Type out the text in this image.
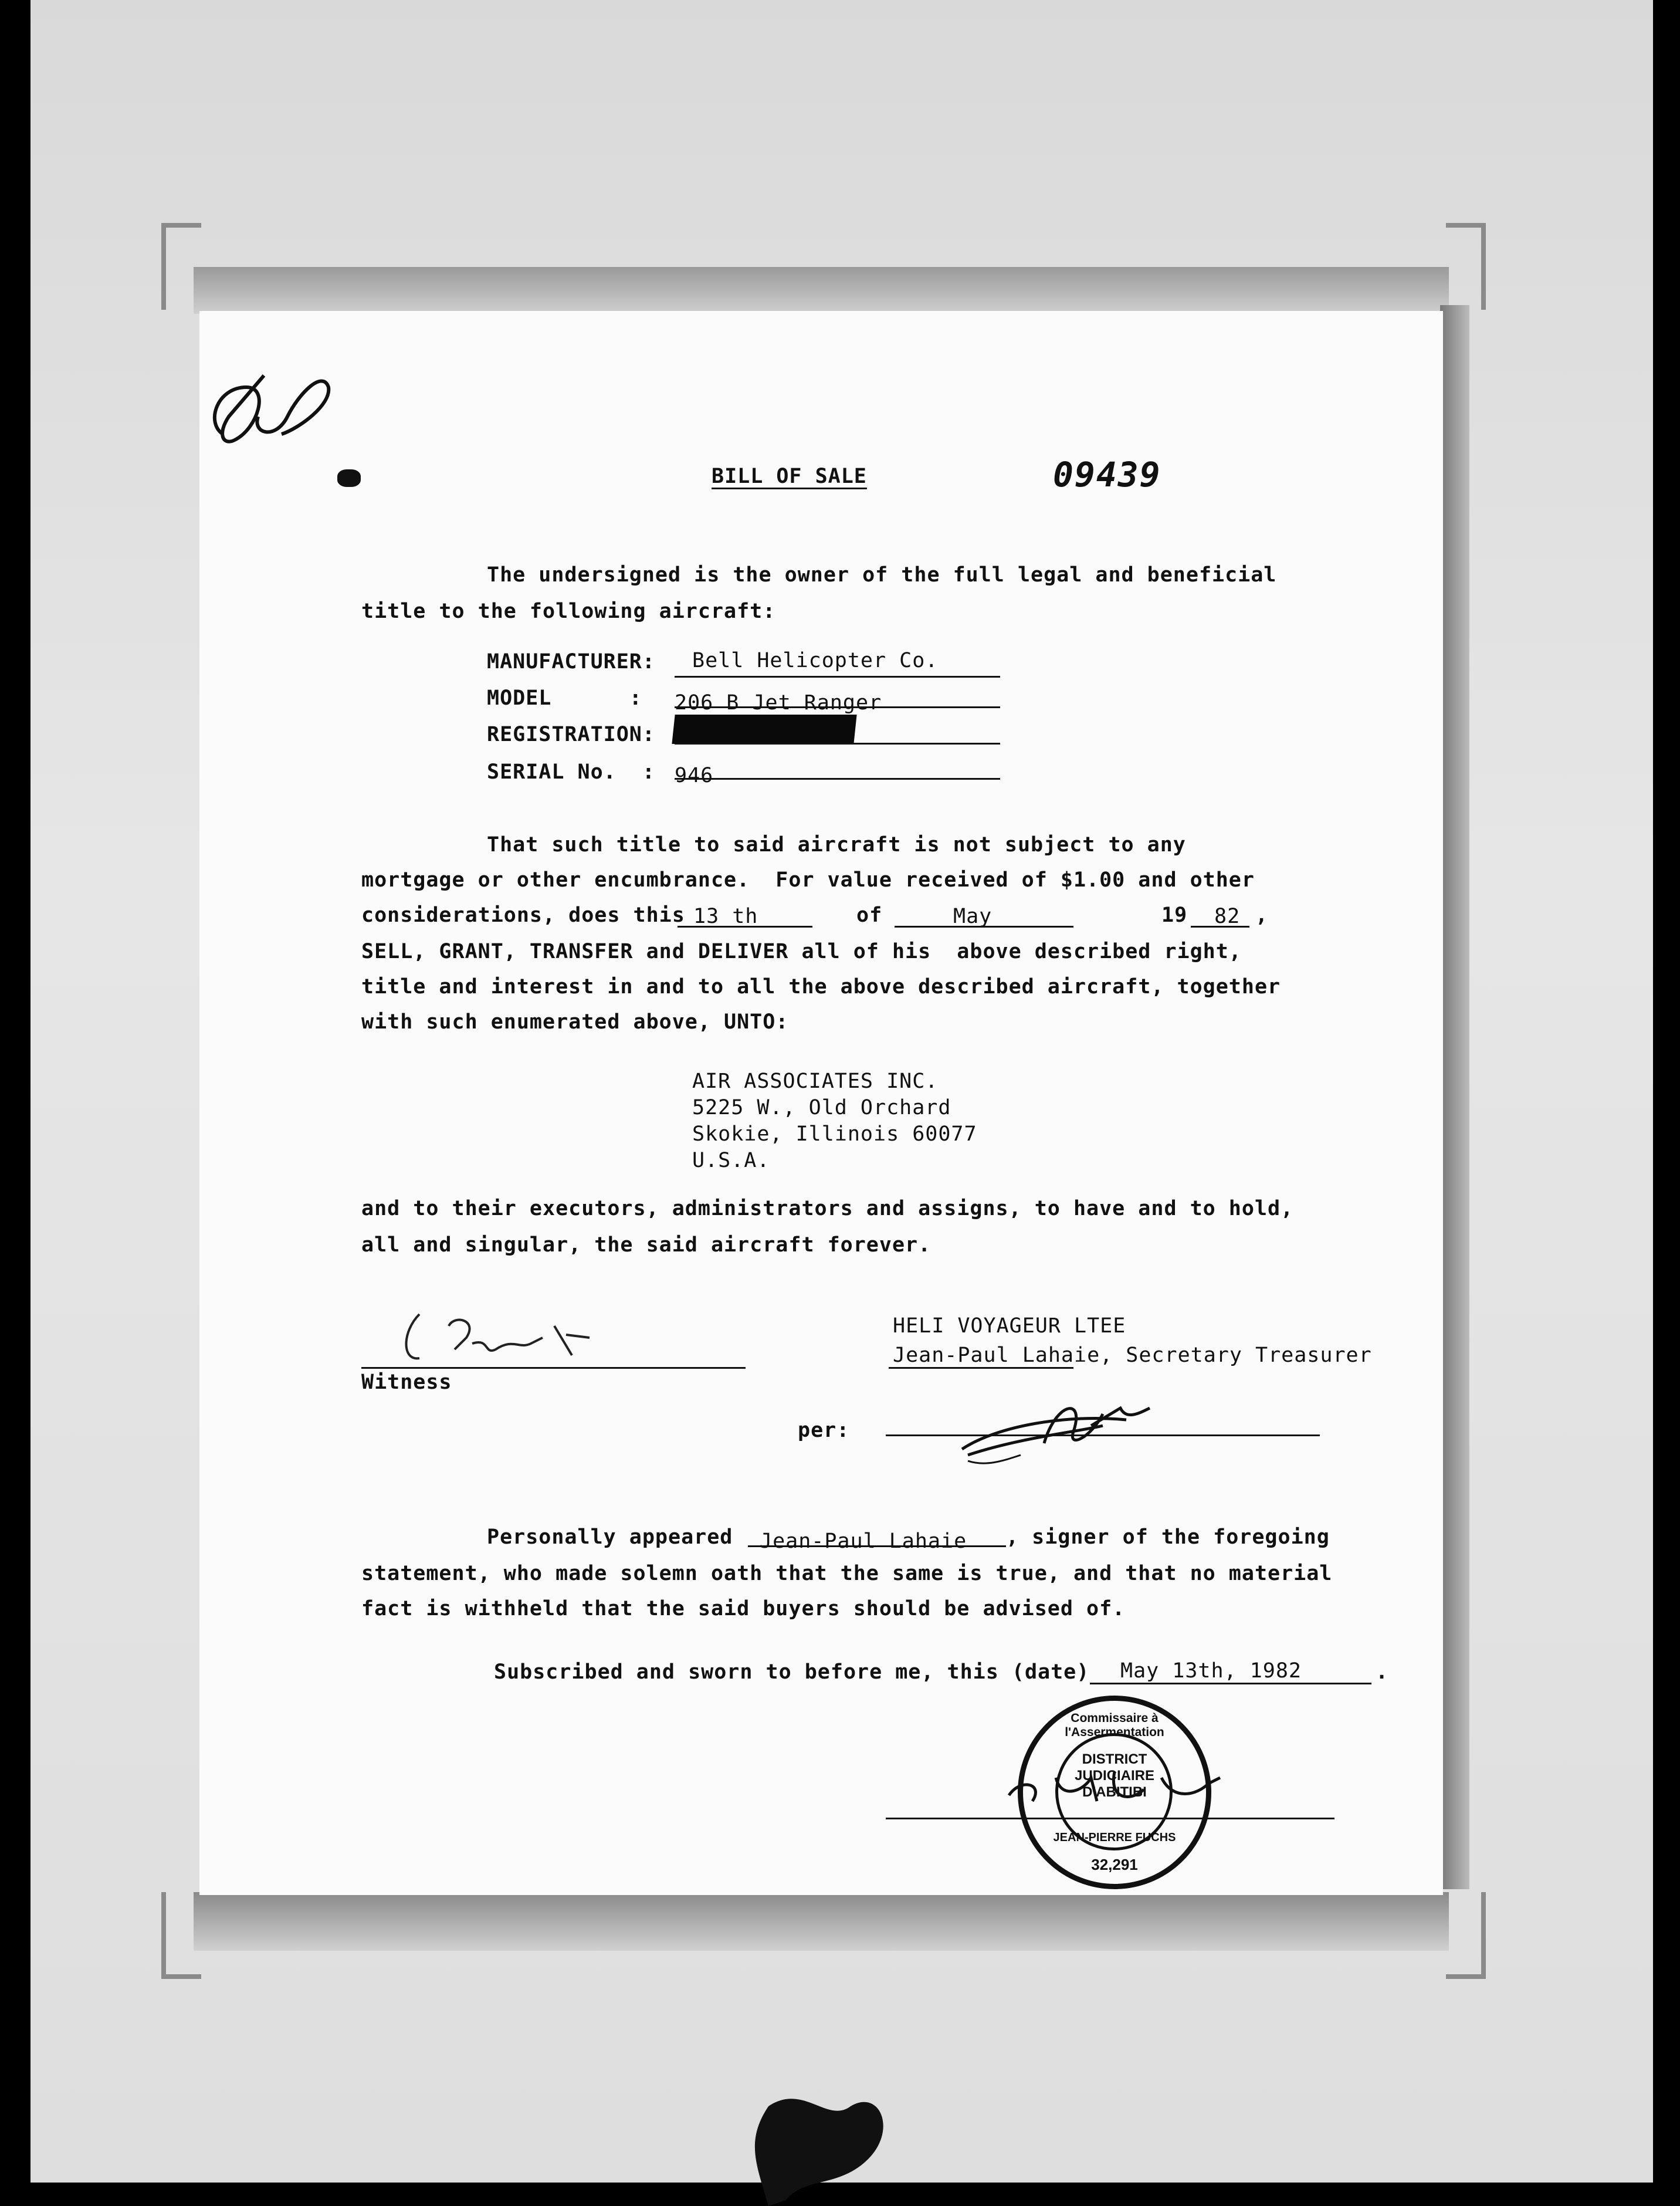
BILL OF SALE	09439
The undersigned is the owner of the full legal and beneficial
title to the following aircraft:
MANUFACTURER: Bell Helicopter Co.
MODEL      : 206 B Jet Ranger
REGISTRATION:
SERIAL No.  : 946
That such title to said aircraft is not subject to any
mortgage or other encumbrance.  For value received of $1.00 and other
considerations, does this 13 th	of	May	19 82 ,
SELL, GRANT, TRANSFER and DELIVER all of his  above described right,
title and interest in and to all the above described aircraft, together
with such enumerated above, UNTO:
AIR ASSOCIATES INC.
5225 W., Old Orchard
Skokie, Illinois 60077
U.S.A.
and to their executors, administrators and assigns, to have and to hold,
all and singular, the said aircraft forever.
Witness
HELI VOYAGEUR LTEE
Jean-Paul Lahaie, Secretary Treasurer
per:
Personally appeared Jean-Paul Lahaie , signer of the foregoing
statement, who made solemn oath that the same is true, and that no material
fact is withheld that the said buyers should be advised of.
Subscribed and sworn to before me, this (date) May 13th, 1982	.
Commissaire à l'Assermentation
DISTRICT
JUDICIAIRE
D'ABITIBI
JEAN-PIERRE FUCHS
32,291
